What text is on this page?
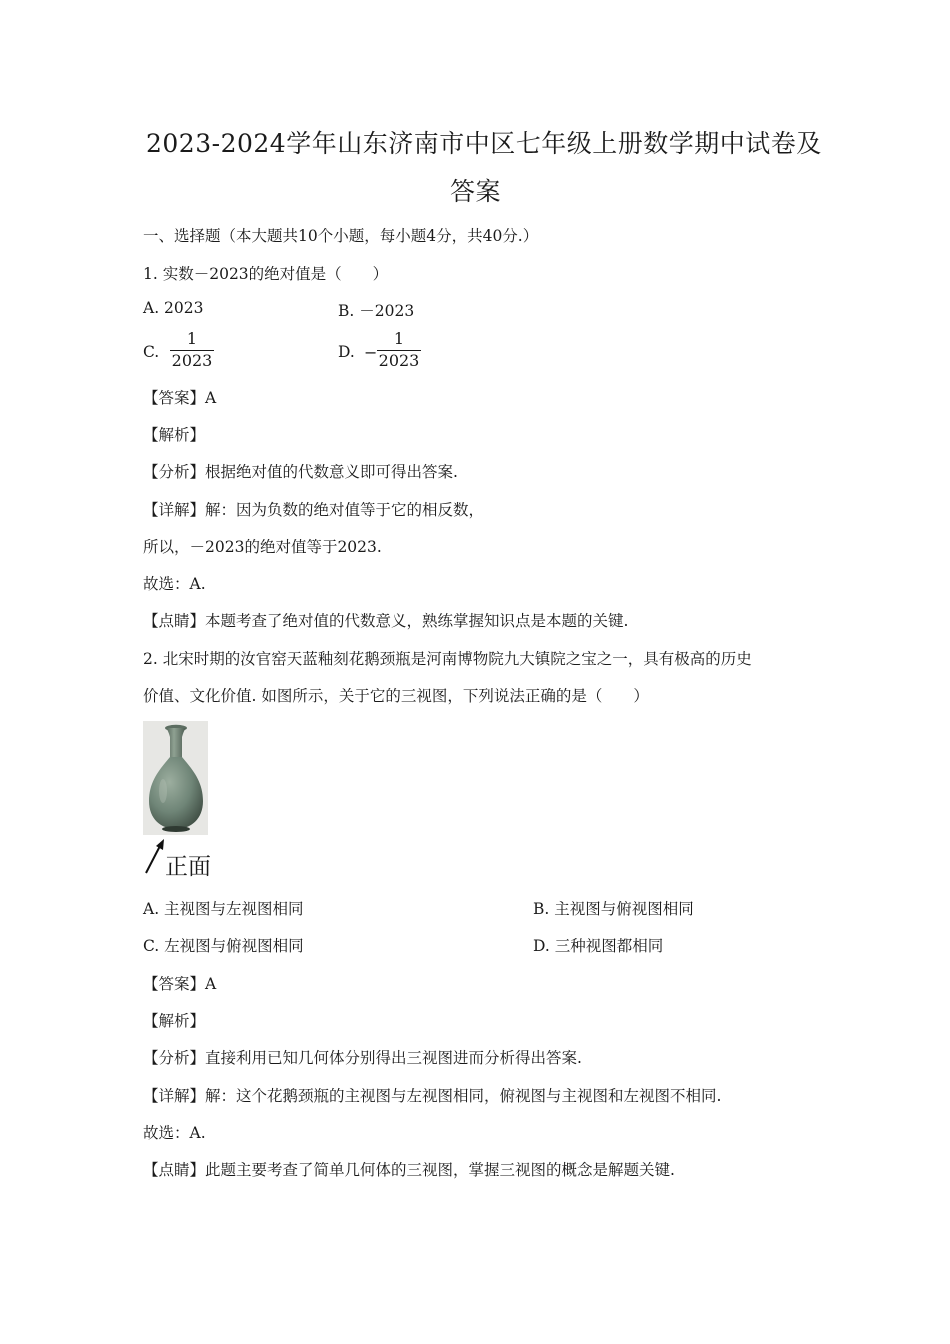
2023-2024学年山东济南市中区七年级上册数学期中试卷及
答案
一、选择题（本大题共10个小题，每小题4分，共40分.）
1. 实数－2023的绝对值是（　　）
A. 2023	B. －2023
C.
1
2023	D. −
1
2023
【答案】A
【解析】
【分析】根据绝对值的代数意义即可得出答案.
【详解】解：因为负数的绝对值等于它的相反数，
所以，－2023的绝对值等于2023.
故选：A.
【点睛】本题考查了绝对值的代数意义，熟练掌握知识点是本题的关键.
2. 北宋时期的汝官窑天蓝釉刻花鹅颈瓶是河南博物院九大镇院之宝之一，具有极高的历史
价值、文化价值. 如图所示，关于它的三视图，下列说法正确的是（　　）
正面
A. 主视图与左视图相同	B. 主视图与俯视图相同
C. 左视图与俯视图相同	D. 三种视图都相同
【答案】A
【解析】
【分析】直接利用已知几何体分别得出三视图进而分析得出答案.
【详解】解：这个花鹅颈瓶的主视图与左视图相同，俯视图与主视图和左视图不相同.
故选：A.
【点睛】此题主要考查了简单几何体的三视图，掌握三视图的概念是解题关键.
